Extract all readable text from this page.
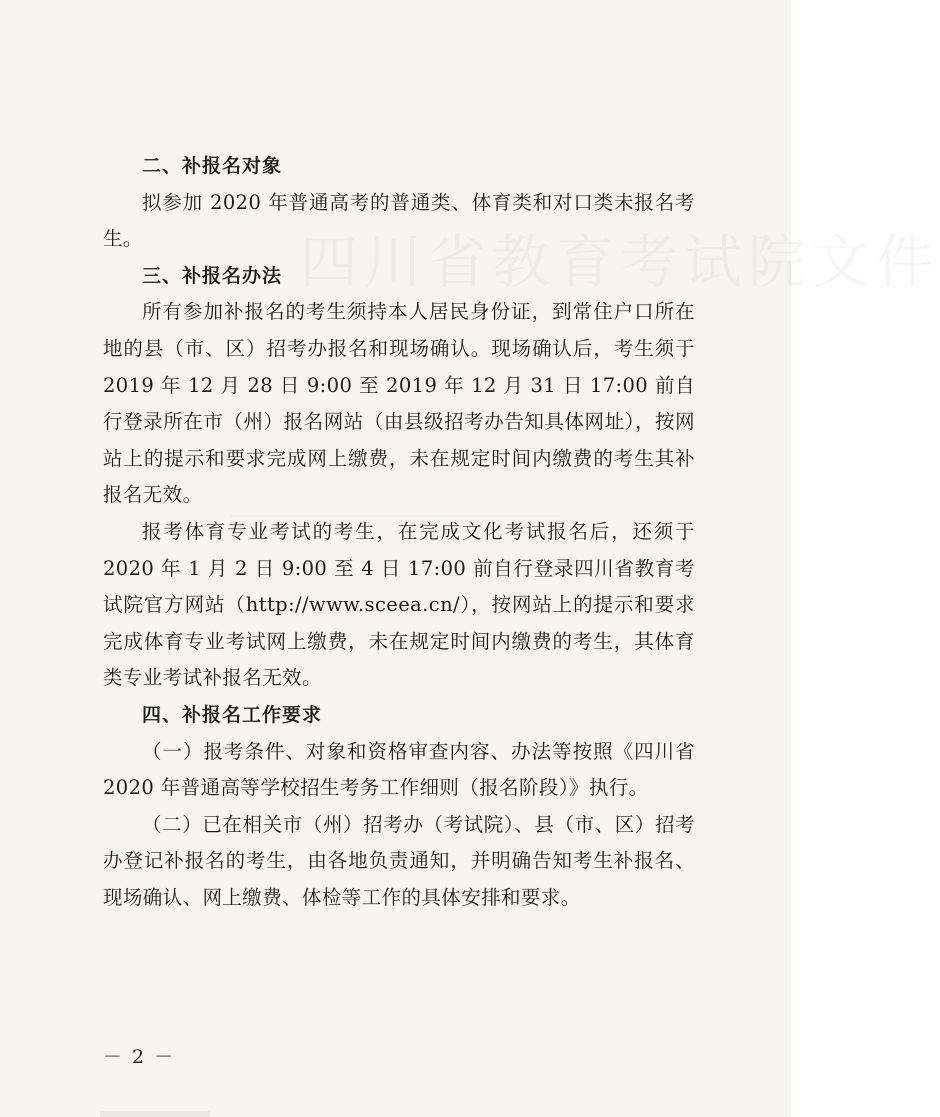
四川省教育考试院文件
二、补报名对象

拟参加 2020 年普通高考的普通类、体育类和对口类未报名考生。

三、补报名办法

所有参加补报名的考生须持本人居民身份证，到常住户口所在地的县（市、区）招考办报名和现场确认。现场确认后，考生须于 2019 年 12 月 28 日 9:00 至 2019 年 12 月 31 日 17:00 前自行登录所在市（州）报名网站（由县级招考办告知具体网址），按网站上的提示和要求完成网上缴费，未在规定时间内缴费的考生其补报名无效。

报考体育专业考试的考生，在完成文化考试报名后，还须于 2020 年 1 月 2 日 9:00 至 4 日 17:00 前自行登录四川省教育考试院官方网站（http://www.sceea.cn/），按网站上的提示和要求完成体育专业考试网上缴费，未在规定时间内缴费的考生，其体育类专业考试补报名无效。

四、补报名工作要求

（一）报考条件、对象和资格审查内容、办法等按照《四川省 2020 年普通高等学校招生考务工作细则（报名阶段）》执行。

（二）已在相关市（州）招考办（考试院）、县（市、区）招考办登记补报名的考生，由各地负责通知，并明确告知考生补报名、现场确认、网上缴费、体检等工作的具体安排和要求。

－ 2 －
